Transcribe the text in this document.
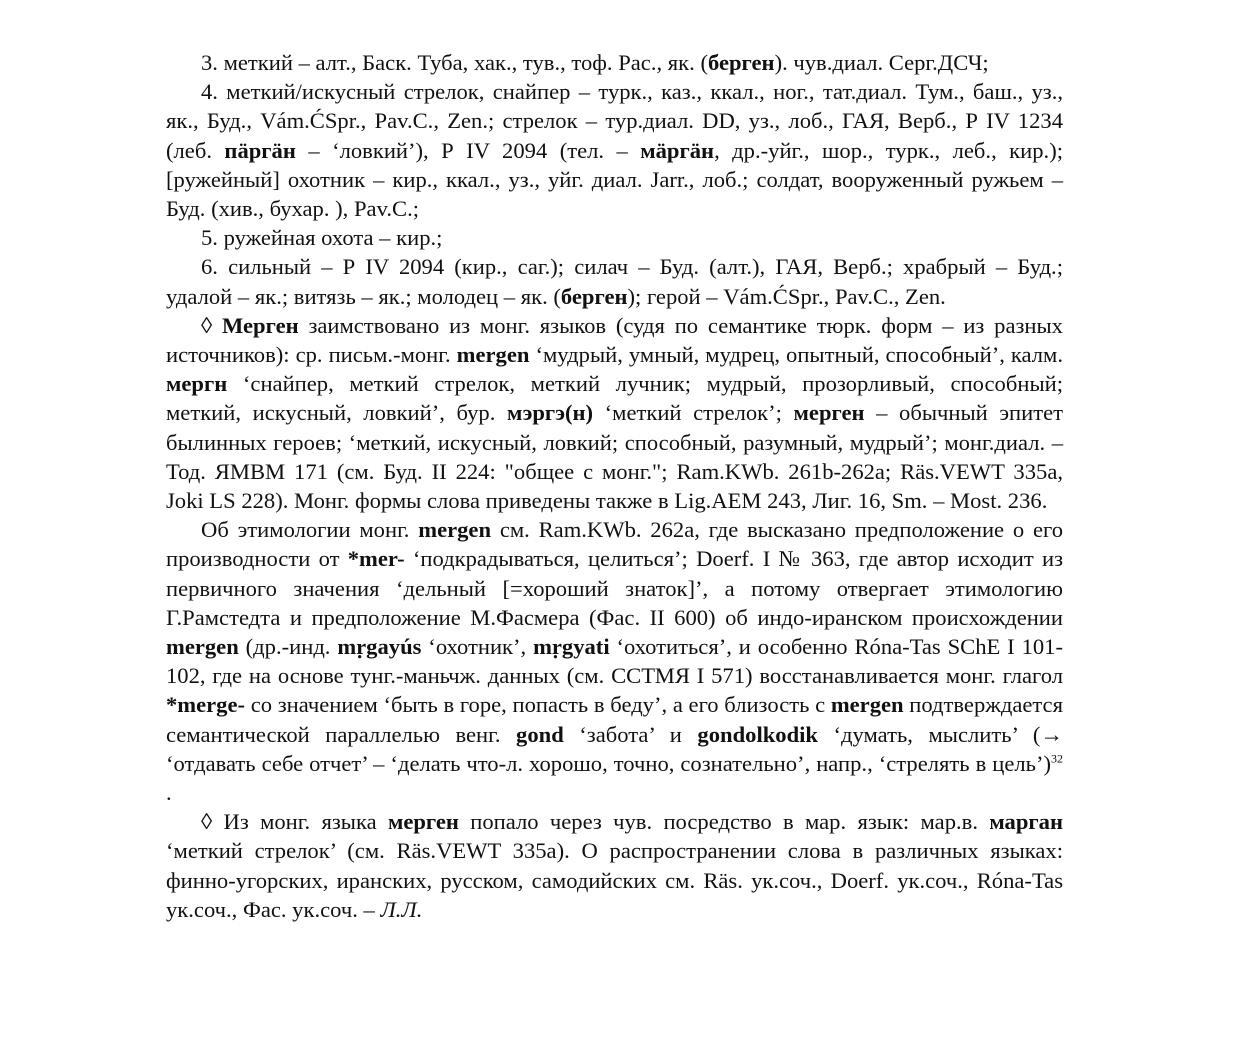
3. меткий – алт., Баск. Туба, хак., тув., тоф. Рас., як. (берген). чув.диал. Серг.ДСЧ;

4. меткий/искусный стрелок, снайпер – турк., каз., ккал., ног., тат.диал. Тум., баш., уз., як., Буд., Vám.ĆSpr., Pav.C., Zen.; стрелок – тур.диал. DD, уз., лоб., ГАЯ, Верб., Р IV 1234 (леб. пäргäн – ‘ловкий’), Р IV 2094 (тел. – мäргäн, др.-уйг., шор., турк., леб., кир.); [ружейный] охотник – кир., ккал., уз., уйг. диал. Jarr., лоб.; солдат, вооруженный ружьем – Буд. (хив., бухар. ), Pav.C.;

5. ружейная охота – кир.;

6. сильный – Р IV 2094 (кир., саг.); силач – Буд. (алт.), ГАЯ, Верб.; храбрый – Буд.; удалой – як.; витязь – як.; молодец – як. (берген); герой – Vám.ĆSpr., Pav.C., Zen.

◊ Мерген заимствовано из монг. языков (судя по семантике тюрк. форм – из разных источников): ср. письм.-монг. mergen ‘мудрый, умный, мудрец, опытный, способный’, калм. мергн ‘снайпер, меткий стрелок, меткий лучник; мудрый, прозорливый, способный; меткий, искусный, ловкий’, бур. мэргэ(н) ‘меткий стрелок’; мерген – обычный эпитет былинных героев; ‘меткий, искусный, ловкий; способный, разумный, мудрый’; монг.диал. – Тод. ЯМВМ 171 (см. Буд. II 224: "общее с монг."; Ram.KWb. 261b-262a; Räs.VEWT 335a, Joki LS 228). Монг. формы слова приведены также в Lig.AEM 243, Лиг. 16, Sm. – Most. 236.

Об этимологии монг. mergen см. Ram.KWb. 262a, где высказано предположение о его производности от *mer- ‘подкрадываться, целиться’; Doerf. I № 363, где автор исходит из первичного значения ‘дельный [=хороший знаток]’, а потому отвергает этимологию Г.Рамстедта и предположение М.Фасмера (Фас. II 600) об индо-иранском происхождении mergen (др.-инд. mṛgayús ‘охотник’, mṛgyati ‘охотиться’, и особенно Róna-Tas SChE I 101-102, где на основе тунг.-маньчж. данных (см. ССТМЯ I 571) восстанавливается монг. глагол *merge- со значением ‘быть в горе, попасть в беду’, а его близость с mergen подтверждается семантической параллелью венг. gond ‘забота’ и gondolkodik ‘думать, мыслить’ (→ ‘отдавать себе отчет’ – ‘делать что-л. хорошо, точно, сознательно’, напр., ‘стрелять в цель’)$^{32}$ .

◊ Из монг. языка мерген попало через чув. посредство в мар. язык: мар.в. марган ‘меткий стрелок’ (см. Räs.VEWT 335a). О распространении слова в различных языках: финно-угорских, иранских, русском, самодийских см. Räs. ук.соч., Doerf. ук.соч., Róna-Tas ук.соч., Фас. ук.соч. – Л.Л.
